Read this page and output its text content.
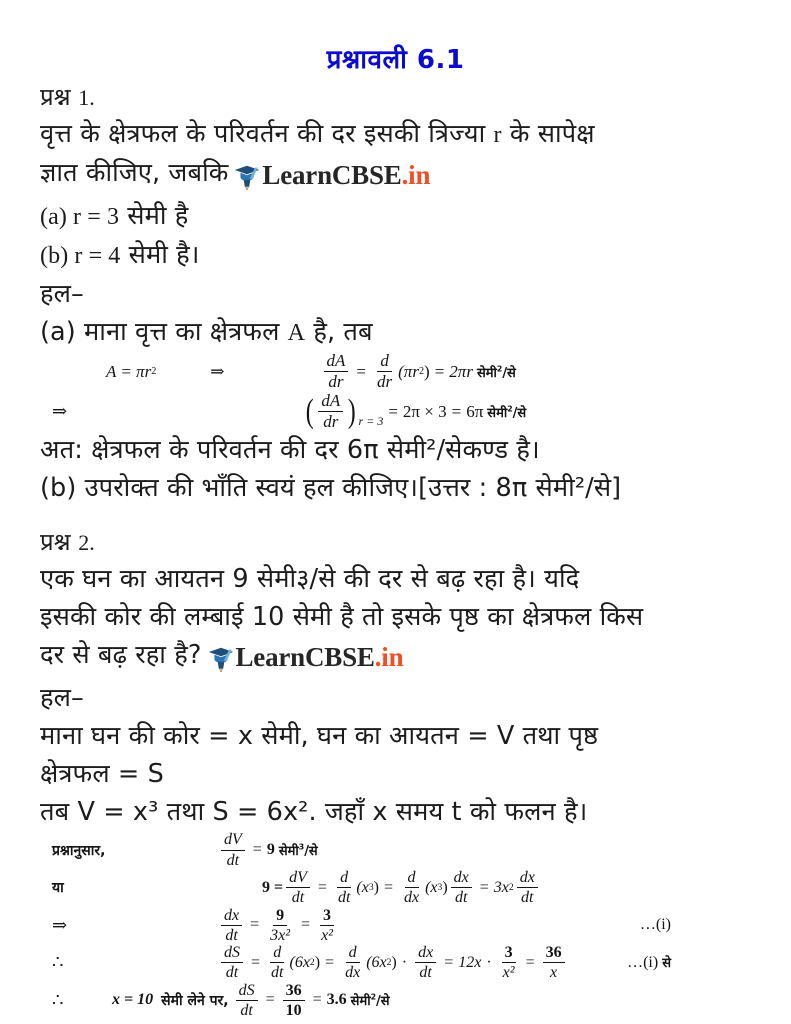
प्रश्नावली 6.1
प्रश्न 1.
वृत्त के क्षेत्रफल के परिवर्तन की दर इसकी त्रिज्या r के सापेक्ष
ज्ञात कीजिए, जबकि LearnCBSE.in
(a) r = 3 सेमी है
(b) r = 4 सेमी है।
हल–
(a) माना वृत्त का क्षेत्रफल A है, तब
A = πr 2	⇒	$\frac{dA}{dr} = \frac{d}{dr} (\pi r$ 2 ) = 2πr सेमी$^2$/से
⇒	( $\frac{dA}{dr}$ ) r = 3
= 2π × 3 = 6π सेमी$^2$/से
अत: क्षेत्रफल के परिवर्तन की दर 6π सेमी²/सेकण्ड है।
(b) उपरोक्त की भाँति स्वयं हल कीजिए।[उत्तर : 8π सेमी²/से]
प्रश्न 2.
एक घन का आयतन 9 सेमी३/से की दर से बढ़ रहा है। यदि
इसकी कोर की लम्बाई 10 सेमी है तो इसके पृष्ठ का क्षेत्रफल किस
दर से बढ़ रहा है? LearnCBSE.in
हल–
माना घन की कोर = x सेमी, घन का आयतन = V तथा पृष्ठ
क्षेत्रफल = S
तब V = x³ तथा S = 6x². जहाँ x समय t को फलन है।
प्रश्नानुसार,	$\frac{dV}{dt} = 9$ सेमी$^3$/से
या	$9 = \frac{dV}{dt} = \frac{d}{dt} (x$ 3 ) = $\frac{d}{dx} (x$ 3 ) $\frac{dx}{dt} = 3x$ $2 \frac{dx}{dt}$
⇒	$\frac{dx}{dt} = \frac{9}{\text{3x²}} = \frac{3}{\text{x²}}$	…(i)
∴	$\frac{dS}{dt} = \frac{d}{dt} (6x$ 2 ) = $\frac{d}{dx} (6x$ 2 ) · $\frac{dx}{dt} = 12x \cdot \frac{3}{\text{x²}} = \frac{36}{x}$	…(i) से
∴	x = 10 सेमी लेने पर, $\frac{dS}{dt} = \frac{36}{10} = 3.6$ सेमी$^2$/से
